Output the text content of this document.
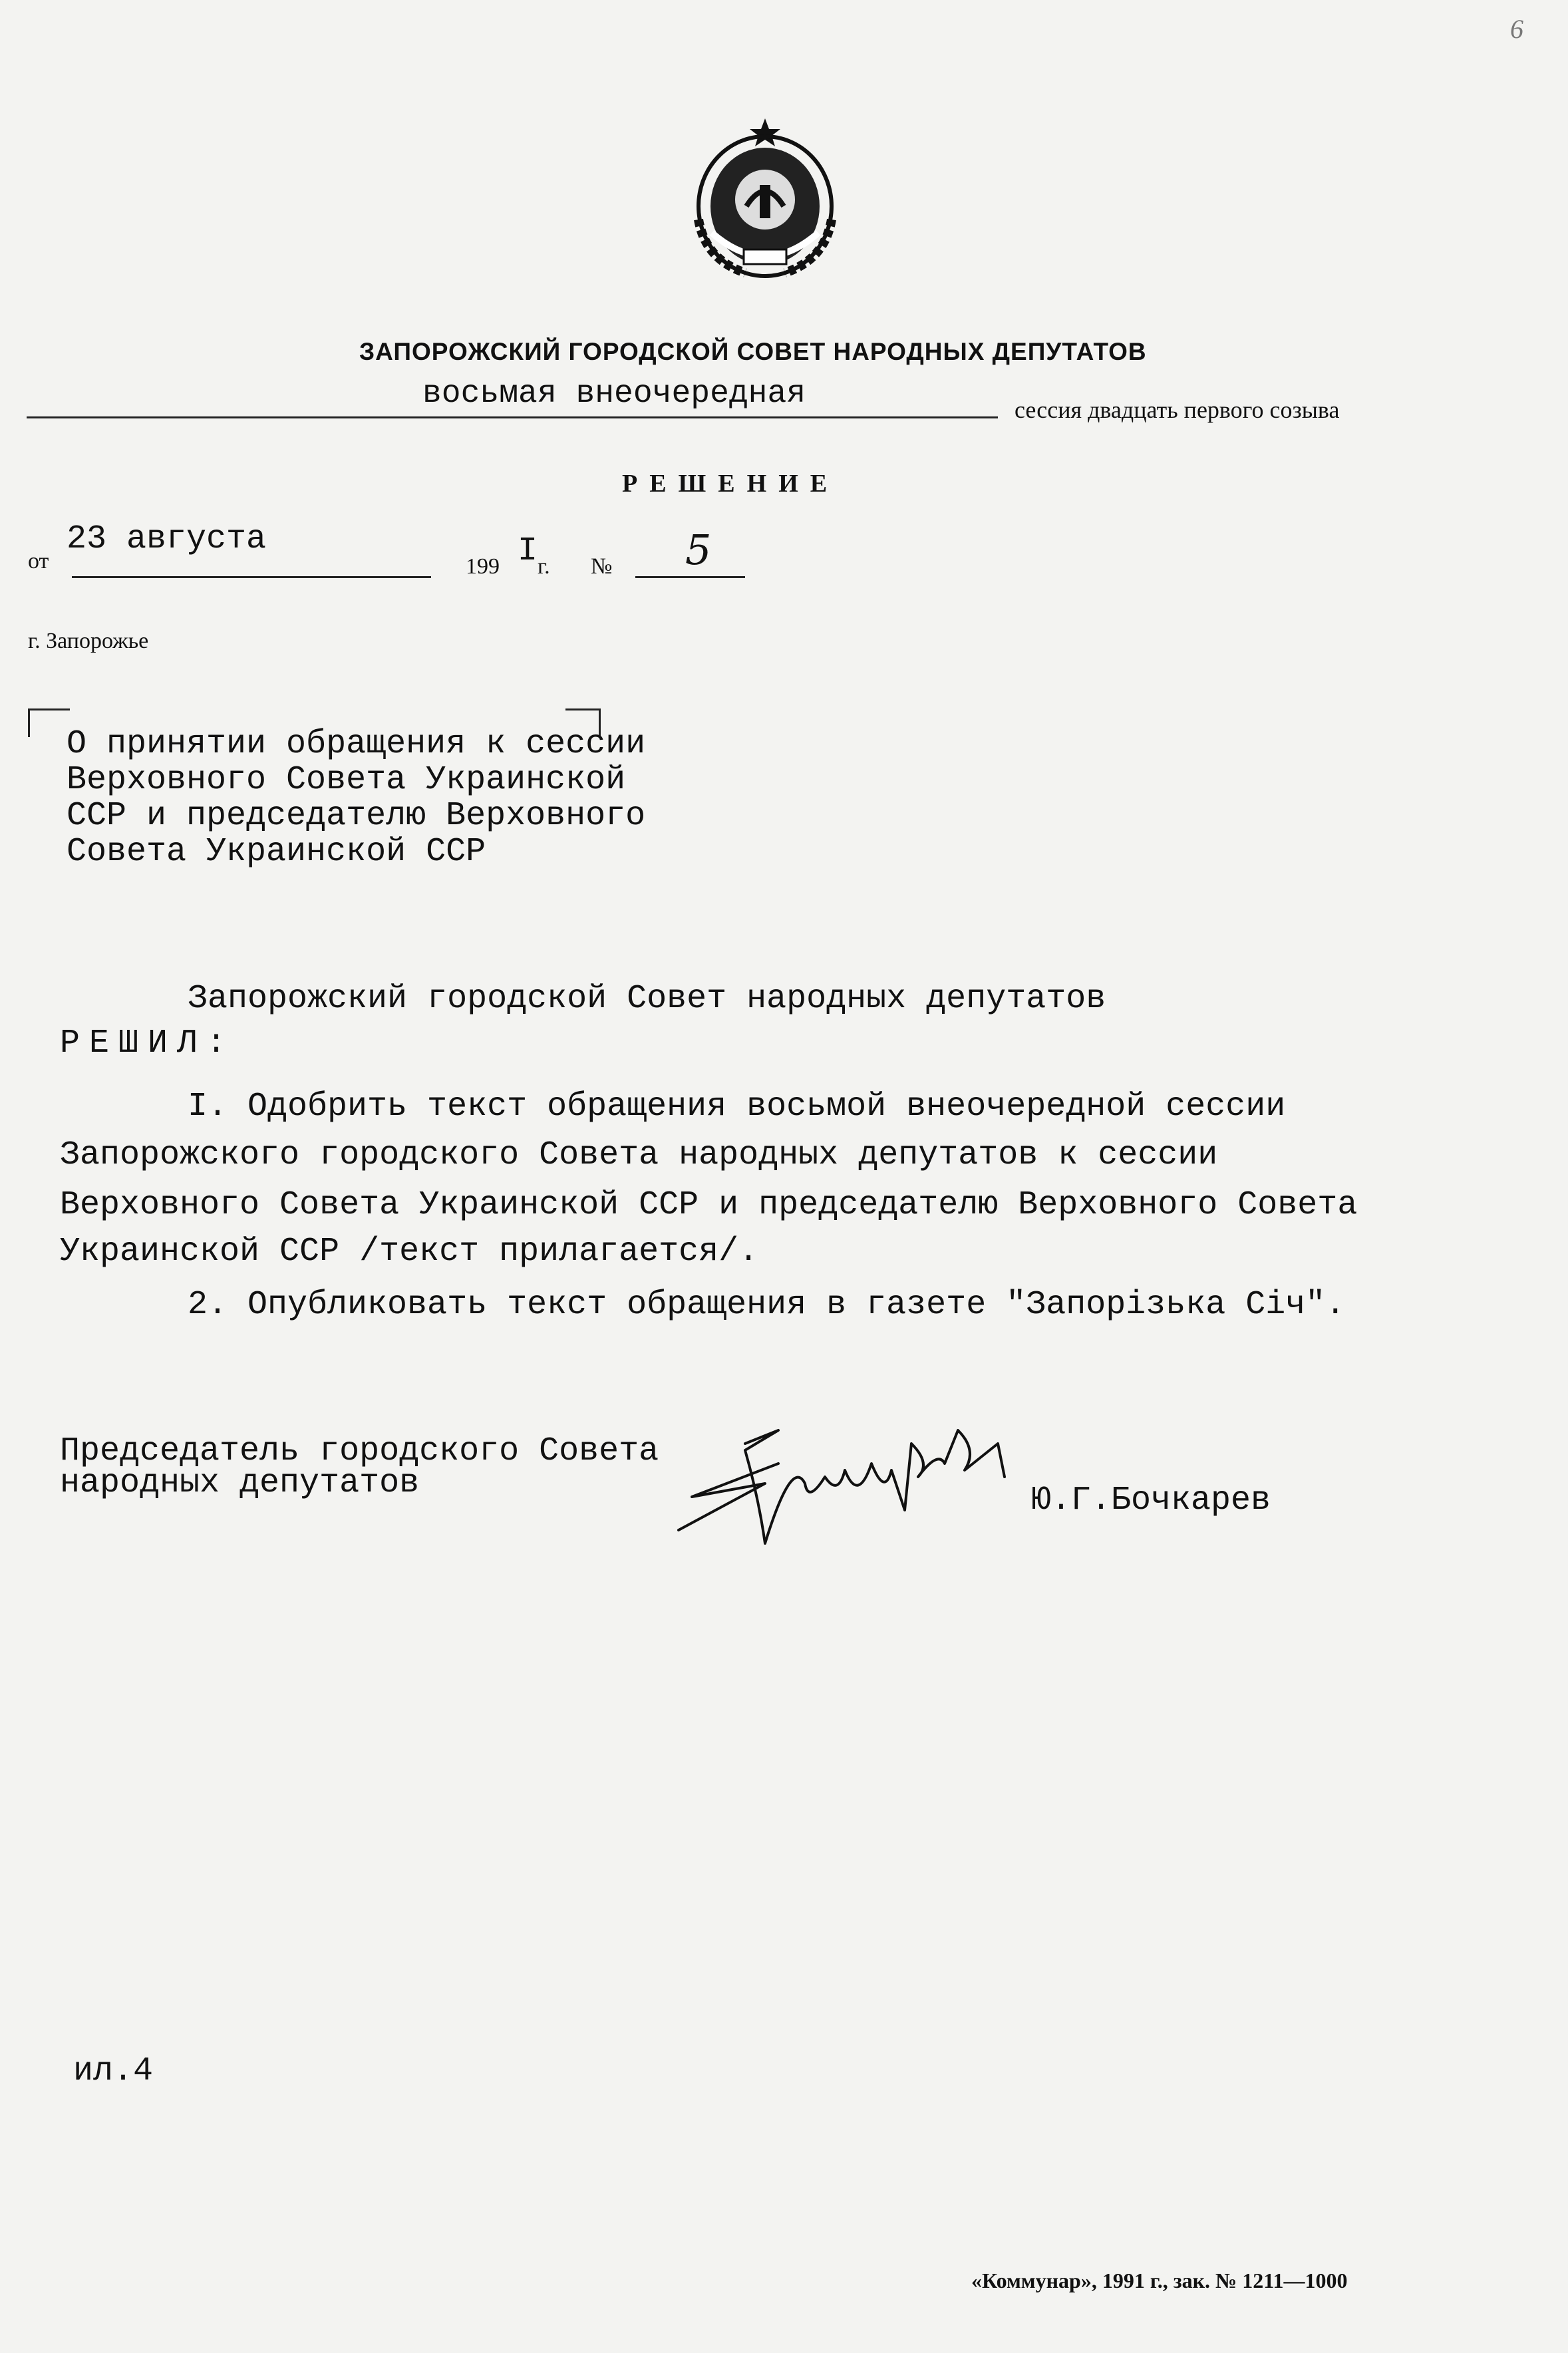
6
ЗАПОРОЖСКИЙ ГОРОДСКОЙ СОВЕТ НАРОДНЫХ ДЕПУТАТОВ
восьмая внеочередная	сессия двадцать первого созыва
РЕШЕНИЕ
от
23 августа
199 I г. № 5
г. Запорожье
О принятии обращения к сессии
Верховного Совета Украинской
ССР и председателю Верховного
Совета Украинской ССР
Запорожский городской Совет народных депутатов
РЕШИЛ:
I. Одобрить текст обращения восьмой внеочередной сессии
Запорожского городского Совета народных депутатов к сессии
Верховного Совета Украинской ССР и председателю Верховного Совета
Украинской ССР /текст прилагается/.
2. Опубликовать текст обращения в газете "Запорізька Січ".
Председатель городского Совета
народных депутатов	Ю.Г.Бочкарев
ил.4
«Коммунар», 1991 г., зак. № 1211—1000
